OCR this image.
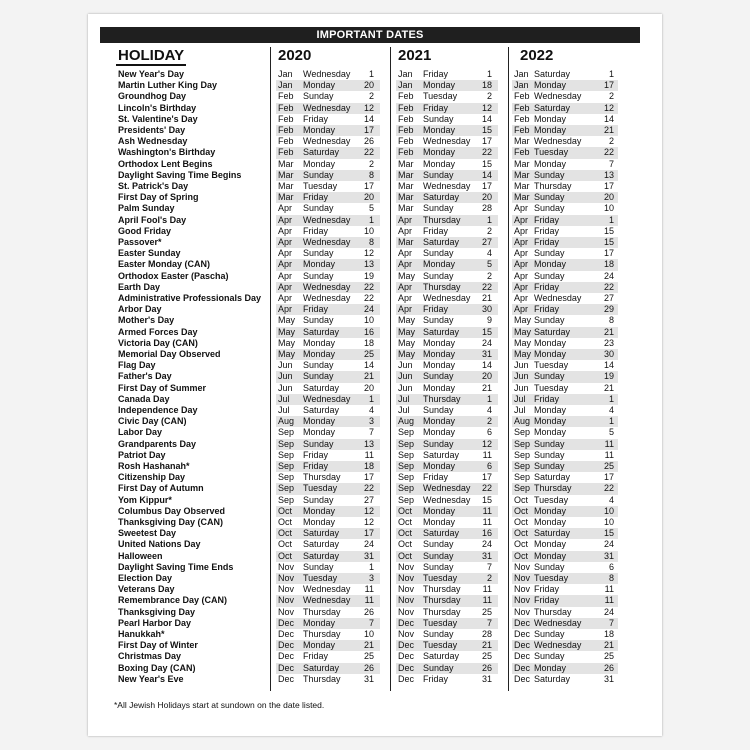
IMPORTANT DATES
HOLIDAY	2020	2021	2022
New Year's Day	Jan Wednesday 1	Jan Friday	1 Jan Saturday	1
Martin Luther King Day	Jan Monday	20	Jan Monday	18 Jan Monday	17
Groundhog Day	Feb Sunday	2	Feb Tuesday	2 Feb Wednesday	2
Lincoln's Birthday	Feb Wednesday 12	Feb Friday	12 Feb Saturday	12
St. Valentine's Day	Feb Friday	14	Feb Sunday	14 Feb Monday	14
Presidents' Day	Feb Monday	17	Feb Monday	15 Feb Monday	21
Ash Wednesday	Feb Wednesday 26	Feb Wednesday 17 Mar Wednesday	2
Washington's Birthday	Feb Saturday	22	Feb Monday	22 Feb Tuesday	22
Orthodox Lent Begins	Mar Monday	2	Mar Monday	15 Mar Monday	7
Daylight Saving Time Begins	Mar Sunday	8	Mar Sunday	14 Mar Sunday	13
St. Patrick's Day	Mar Tuesday	17	Mar Wednesday 17 Mar Thursday	17
First Day of Spring	Mar Friday	20	Mar Saturday	20 Mar Sunday	20
Palm Sunday	Apr Sunday	5	Mar Sunday	28 Apr Sunday	10
April Fool's Day	Apr Wednesday 1	Apr Thursday	1 Apr Friday	1
Good Friday	Apr Friday	10	Apr Friday	2 Apr Friday	15
Passover*	Apr Wednesday 8	Mar Saturday	27 Apr Friday	15
Easter Sunday	Apr Sunday	12	Apr Sunday	4 Apr Sunday	17
Easter Monday (CAN)	Apr Monday	13	Apr Monday	5 Apr Monday	18
Orthodox Easter (Pascha)	Apr Sunday	19	May Sunday	2 Apr Sunday	24
Earth Day	Apr Wednesday 22	Apr Thursday 22 Apr Friday	22
Administrative Professionals Day Apr Wednesday 22	Apr Wednesday 21 Apr Wednesday	27
Arbor Day	Apr Friday	24	Apr Friday	30 Apr Friday	29
Mother's Day	May Sunday	10	May Sunday	9 May Sunday	8
Armed Forces Day	May Saturday	16	May Saturday	15 May Saturday	21
Victoria Day (CAN)	May Monday	18	May Monday	24 May Monday	23
Memorial Day Observed	May Monday	25	May Monday	31 May Monday	30
Flag Day	Jun Sunday	14	Jun Monday	14 Jun Tuesday	14
Father's Day	Jun Sunday	21	Jun Sunday	20 Jun Sunday	19
First Day of Summer	Jun Saturday	20	Jun Monday	21 Jun Tuesday	21
Canada Day	Jul Wednesday 1	Jul Thursday	1 Jul Friday	1
Independence Day	Jul Saturday	4	Jul Sunday	4 Jul Monday	4
Civic Day (CAN)	Aug Monday	3	Aug Monday	2 Aug Monday	1
Labor Day	Sep Monday	7	Sep Monday	6 Sep Monday	5
Grandparents Day	Sep Sunday	13	Sep Sunday	12 Sep Sunday	11
Patriot Day	Sep Friday	11	Sep Saturday	11 Sep Sunday	11
Rosh Hashanah*	Sep Friday	18	Sep Monday	6 Sep Sunday	25
Citizenship Day	Sep Thursday	17	Sep Friday	17 Sep Saturday	17
First Day of Autumn	Sep Tuesday	22	Sep Wednesday 22 Sep Thursday	22
Yom Kippur*	Sep Sunday	27	Sep Wednesday 15 Oct Tuesday	4
Columbus Day Observed	Oct Monday	12	Oct Monday	11 Oct Monday	10
Thanksgiving Day (CAN)	Oct Monday	12	Oct Monday	11 Oct Monday	10
Sweetest Day	Oct Saturday	17	Oct Saturday	16 Oct Saturday	15
United Nations Day	Oct Saturday	24	Oct Sunday	24 Oct Monday	24
Halloween	Oct Saturday	31	Oct Sunday	31 Oct Monday	31
Daylight Saving Time Ends	Nov Sunday	1	Nov Sunday	7 Nov Sunday	6
Election Day	Nov Tuesday	3	Nov Tuesday	2 Nov Tuesday	8
Veterans Day	Nov Wednesday 11	Nov Thursday 11 Nov Friday	11
Remembrance Day (CAN)	Nov Wednesday 11	Nov Thursday 11 Nov Friday	11
Thanksgiving Day	Nov Thursday	26	Nov Thursday 25 Nov Thursday	24
Pearl Harbor Day	Dec Monday	7	Dec Tuesday	7 Dec Wednesday	7
Hanukkah*	Dec Thursday	10	Nov Sunday	28 Dec Sunday	18
First Day of Winter	Dec Monday	21	Dec Tuesday	21 Dec Wednesday	21
Christmas Day	Dec Friday	25	Dec Saturday	25 Dec Sunday	25
Boxing Day (CAN)	Dec Saturday	26	Dec Sunday	26 Dec Monday	26
New Year's Eve	Dec Thursday	31	Dec Friday	31 Dec Saturday	31
*All Jewish Holidays start at sundown on the date listed.
